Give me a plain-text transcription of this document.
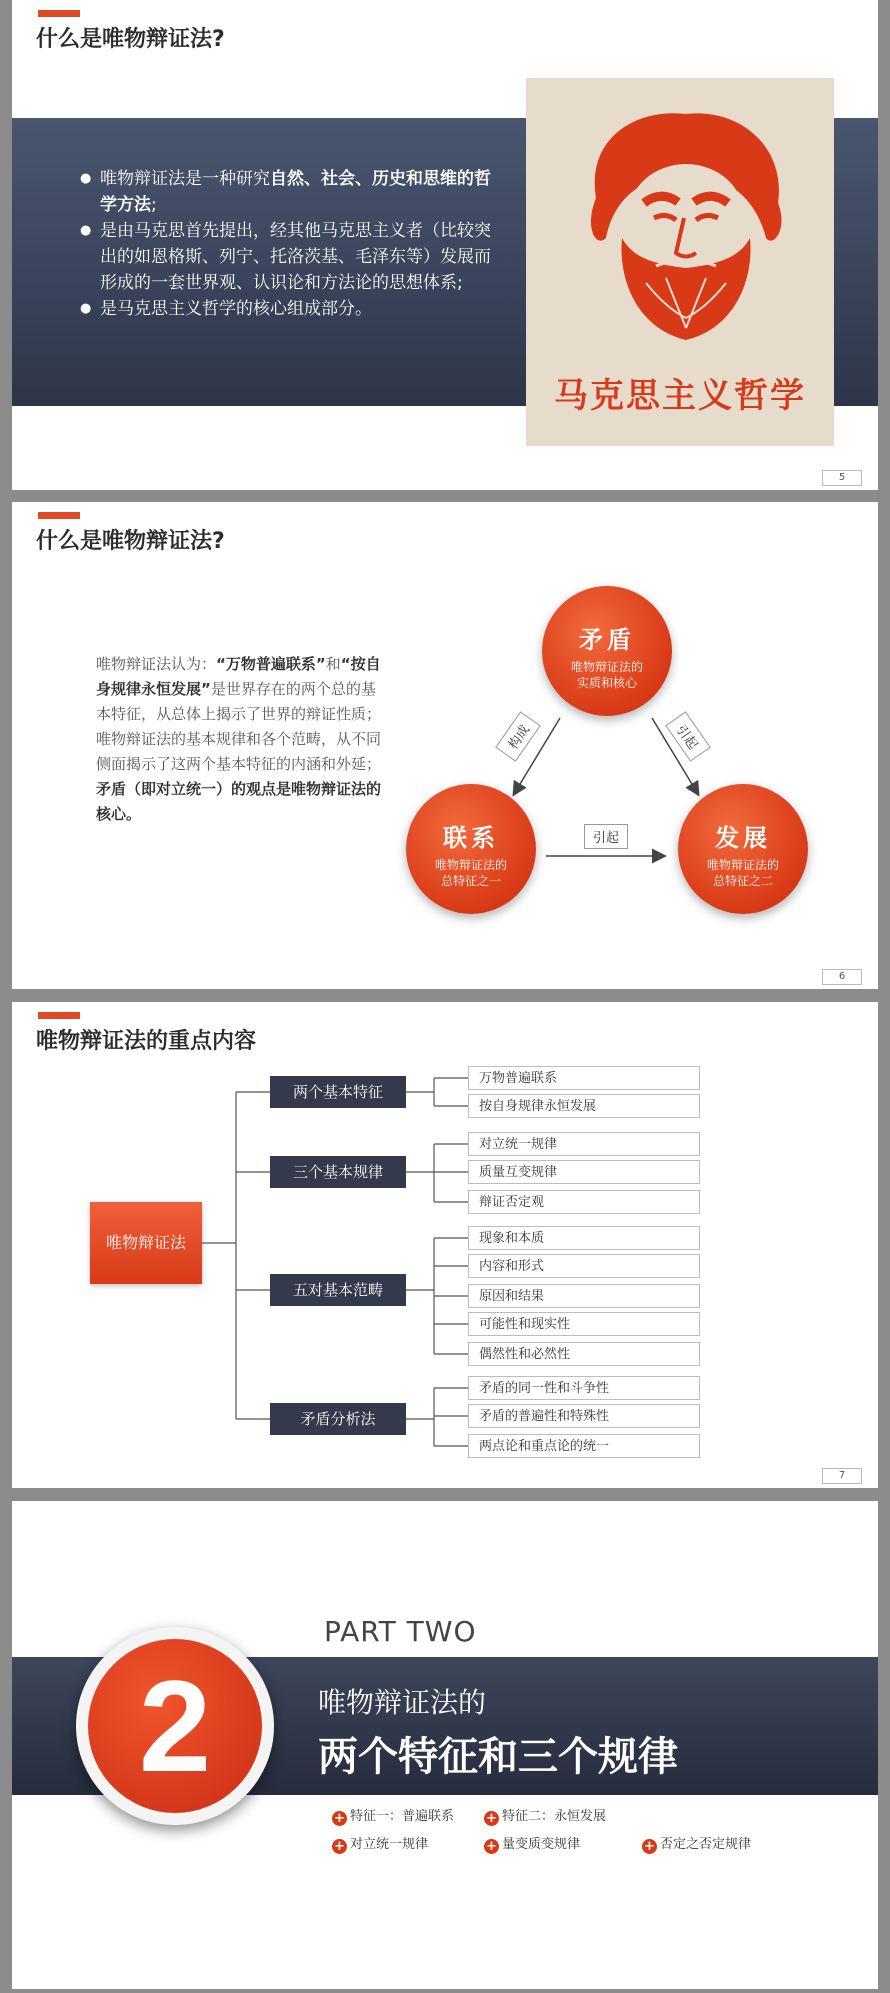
什么是唯物辩证法?
● 唯物辩证法是一种研究自然、社会、历史和思维的哲学方法;
● 是由马克思首先提出，经其他马克思主义者（比较突出的如恩格斯、列宁、托洛茨基、毛泽东等）发展而形成的一套世界观、认识论和方法论的思想体系;
● 是马克思主义哲学的核心组成部分。
马克思主义哲学
5
什么是唯物辩证法?
唯物辩证法认为：“万物普遍联系”和“按自身规律永恒发展”是世界存在的两个总的基本特征，从总体上揭示了世界的辩证性质；唯物辩证法的基本规律和各个范畴，从不同侧面揭示了这两个基本特征的内涵和外延；矛盾（即对立统一）的观点是唯物辩证法的核心。
矛盾
唯物辩证法的
实质和核心
联系
唯物辩证法的
总特征之一
发展
唯物辩证法的
总特征之二
构成	引起
引起
6
唯物辩证法的重点内容
唯物辩证法
两个基本特征
三个基本规律
五对基本范畴
矛盾分析法
万物普遍联系
按自身规律永恒发展
对立统一规律
质量互变规律
辩证否定观
现象和本质
内容和形式
原因和结果
可能性和现实性
偶然性和必然性
矛盾的同一性和斗争性
矛盾的普遍性和特殊性
两点论和重点论的统一
7
PART TWO
2	唯物辩证法的
两个特征和三个规律
+ 特征一：普遍联系 + 特征二：永恒发展
+ 对立统一规律	+ 量变质变规律	+ 否定之否定规律
